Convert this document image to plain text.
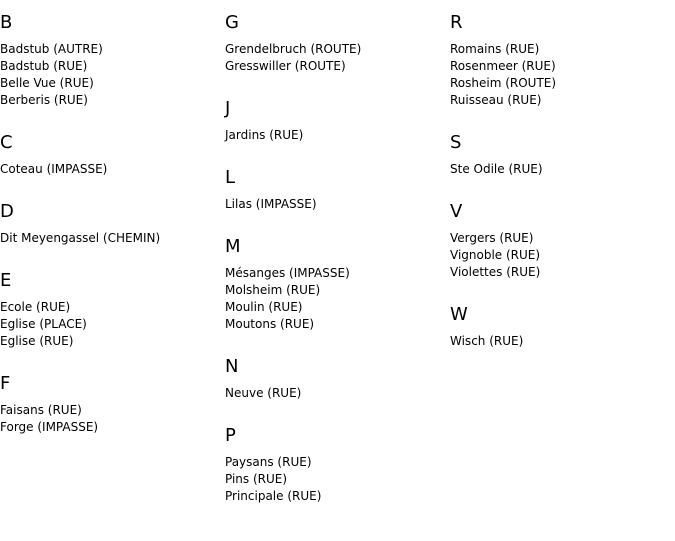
B
Badstub (AUTRE)
Badstub (RUE)
Belle Vue (RUE)
Berberis (RUE)
C
Coteau (IMPASSE)
D
Dit Meyengassel (CHEMIN)
E
Ecole (RUE)
Eglise (PLACE)
Eglise (RUE)
F
Faisans (RUE)
Forge (IMPASSE)
G
Grendelbruch (ROUTE)
Gresswiller (ROUTE)
J
Jardins (RUE)
L
Lilas (IMPASSE)
M
Mésanges (IMPASSE)
Molsheim (RUE)
Moulin (RUE)
Moutons (RUE)
N
Neuve (RUE)
P
Paysans (RUE)
Pins (RUE)
Principale (RUE)
R
Romains (RUE)
Rosenmeer (RUE)
Rosheim (ROUTE)
Ruisseau (RUE)
S
Ste Odile (RUE)
V
Vergers (RUE)
Vignoble (RUE)
Violettes (RUE)
W
Wisch (RUE)
